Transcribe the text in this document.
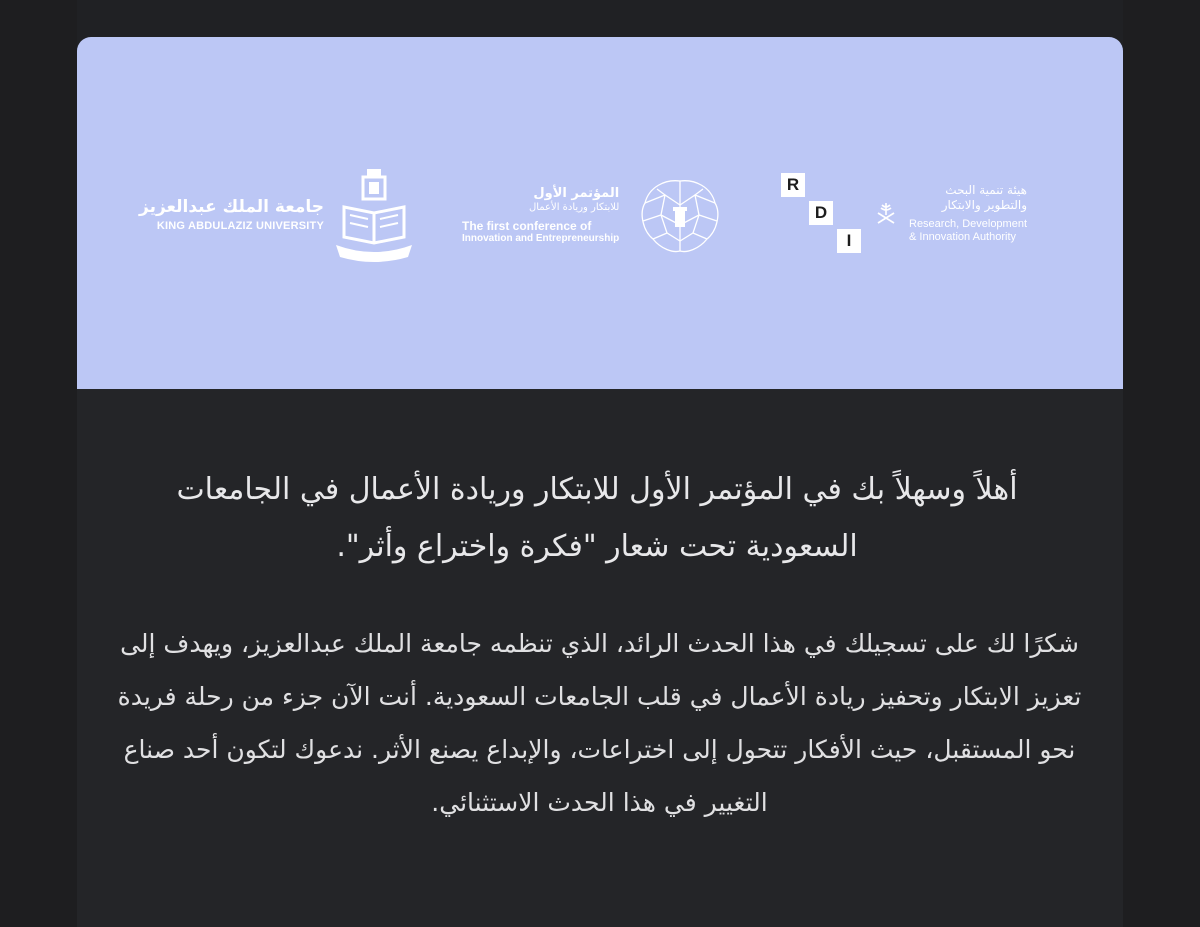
جامعة الملك عبدالعزيز
KING ABDULAZIZ UNIVERSITY
المؤتمر الأول
للابتكار وريادة الأعمال
The first conference of
Innovation and Entrepreneurship
R
D
I
هيئة تنمية البحث
والتطوير والابتكار
Research, Development
& Innovation Authority

أهلاً وسهلاً بك في المؤتمر الأول للابتكار وريادة الأعمال في الجامعات السعودية تحت شعار "فكرة واختراع وأثر".

شكرًا لك على تسجيلك في هذا الحدث الرائد، الذي تنظمه جامعة الملك عبدالعزيز، ويهدف إلى تعزيز الابتكار وتحفيز ريادة الأعمال في قلب الجامعات السعودية. أنت الآن جزء من رحلة فريدة نحو المستقبل، حيث الأفكار تتحول إلى اختراعات، والإبداع يصنع الأثر. ندعوك لتكون أحد صناع التغيير في هذا الحدث الاستثنائي.
